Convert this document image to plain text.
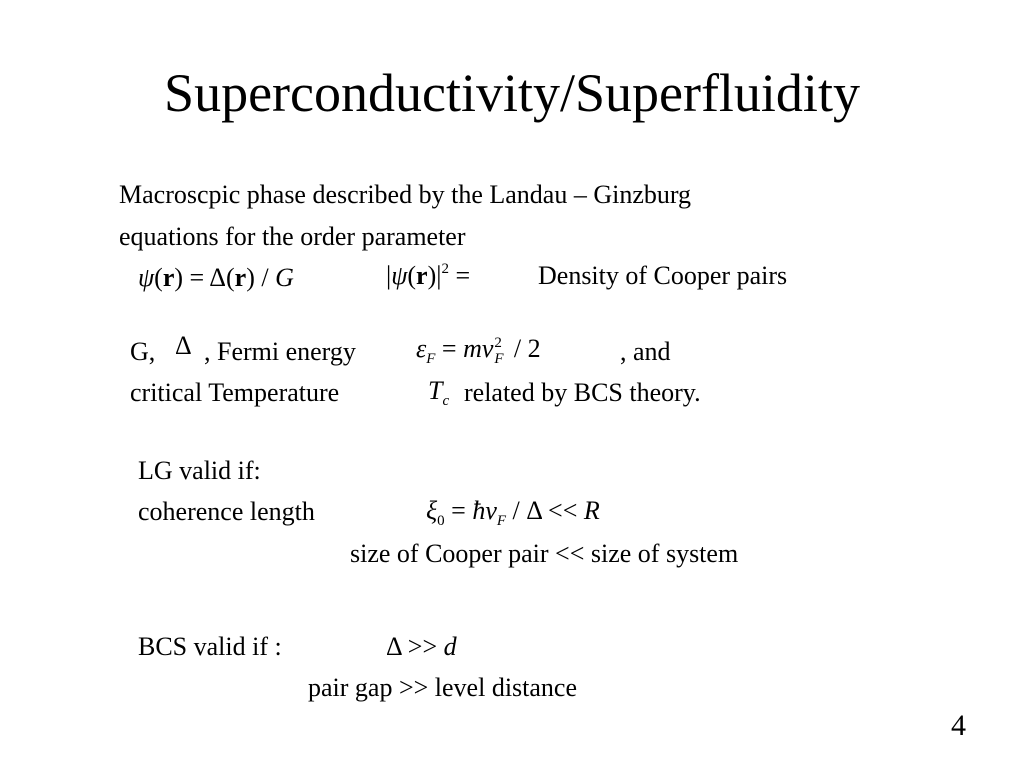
Superconductivity/Superfluidity
Macroscpic phase described by the Landau – Ginzburg
equations for the order parameter
ψ(r) = Δ(r) / G	$|\psi(r)|^2$ =	Density of Cooper pairs
G, Δ , Fermi energy $\varepsilon_F$ = mv 2
F / 2	, and
critical Temperature	$T_c$ related by BCS theory.
LG valid if:
coherence length	$\xi_0$ = $ħv_F / \Delta << R$
size of Cooper pair << size of system
BCS valid if :	Δ >> d
pair gap >> level distance
4
